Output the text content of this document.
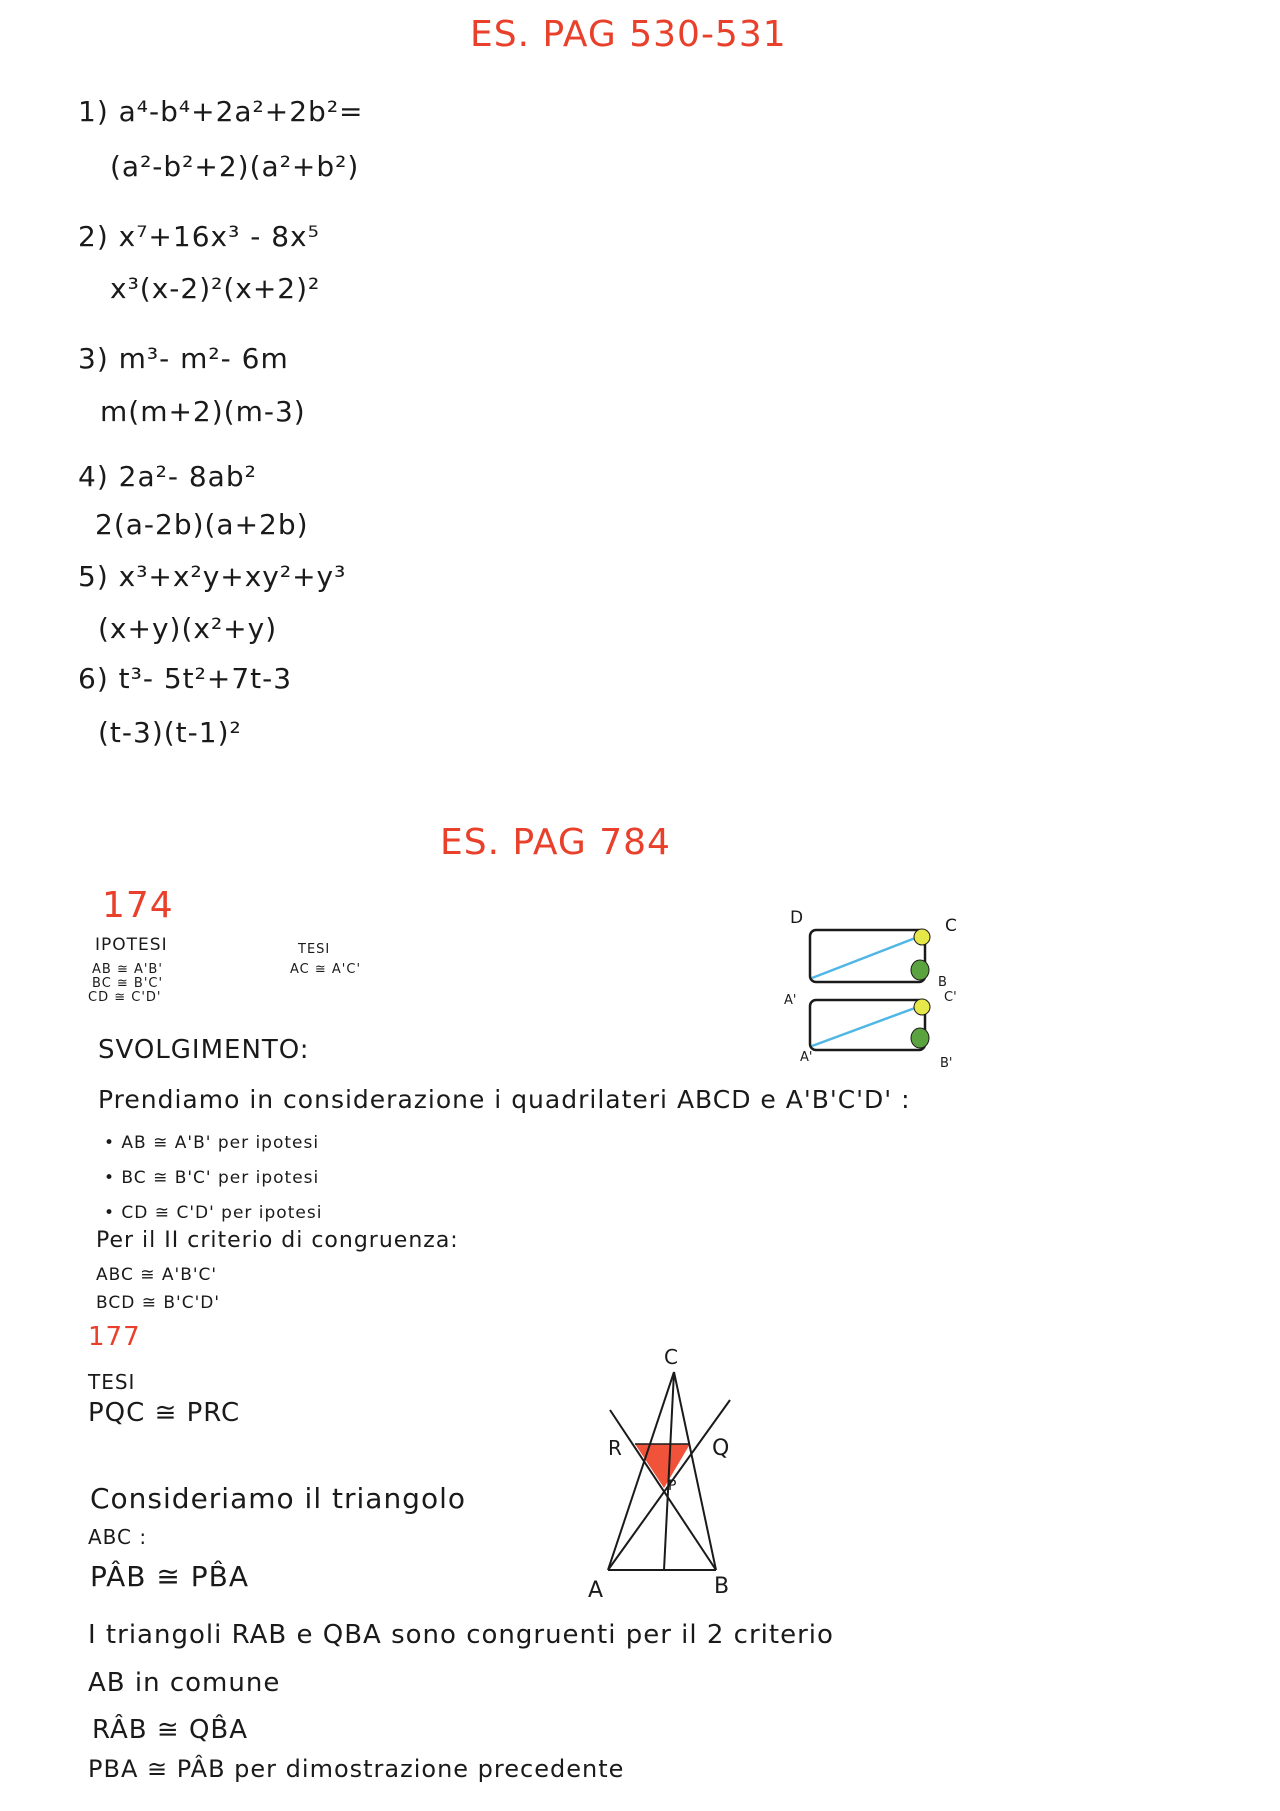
ES. PAG 530-531
1) a⁴-b⁴+2a²+2b²=
(a²-b²+2)(a²+b²)
2) x⁷+16x³ - 8x⁵
x³(x-2)²(x+2)²
3) m³- m²- 6m
m(m+2)(m-3)
4) 2a²- 8ab²
2(a-2b)(a+2b)
5) x³+x²y+xy²+y³
(x+y)(x²+y)
6) t³- 5t²+7t-3
(t-3)(t-1)²
ES. PAG 784
174
IPOTESI
AB ≅ A'B'
BC ≅ B'C'
CD ≅ C'D'
TESI
AC ≅ A'C'
SVOLGIMENTO:
Prendiamo in considerazione i quadrilateri ABCD e A'B'C'D' :
• AB ≅ A'B' per ipotesi
• BC ≅ B'C' per ipotesi
• CD ≅ C'D' per ipotesi
Per il II criterio di congruenza:
ABC ≅ A'B'C'
BCD ≅ B'C'D'
D	C
B
A'	C'
B'
A'
177
TESI
PQC ≅ PRC
Consideriamo il triangolo
ABC :
PÂB ≅ PB̂A
I triangoli RAB e QBA sono congruenti per il 2 criterio
AB in comune
RÂB ≅ QB̂A
PBA ≅ PÂB per dimostrazione precedente
C
R	Q
P
A	B
